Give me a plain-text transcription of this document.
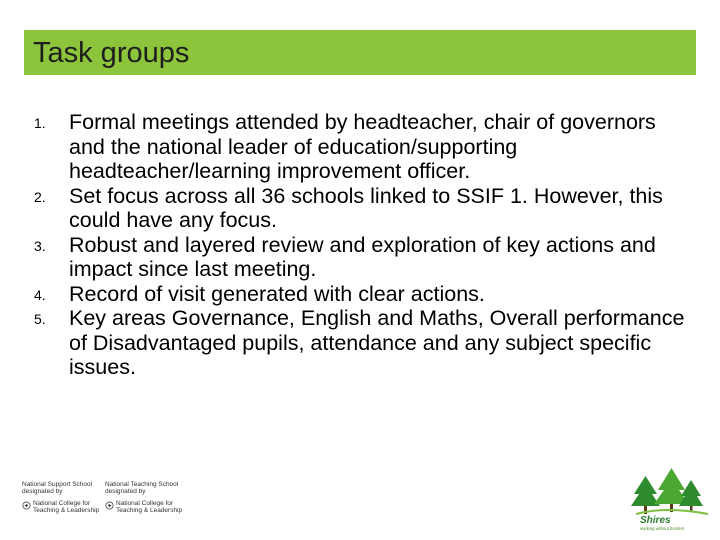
Task groups
1. Formal meetings attended by headteacher, chair of governors and the national leader of education/supporting headteacher/learning improvement officer.
2. Set focus across all 36 schools linked to SSIF 1. However, this could have any focus.
3. Robust and layered review and exploration of key actions and impact since last meeting.
4. Record of visit generated with clear actions.
5. Key areas Governance, English and Maths, Overall performance of Disadvantaged pupils, attendance and any subject specific issues.
National Support School
designated by
National College for
Teaching & Leadership
National Teaching School
designated by
National College for
Teaching & Leadership
Shires
working without borders
